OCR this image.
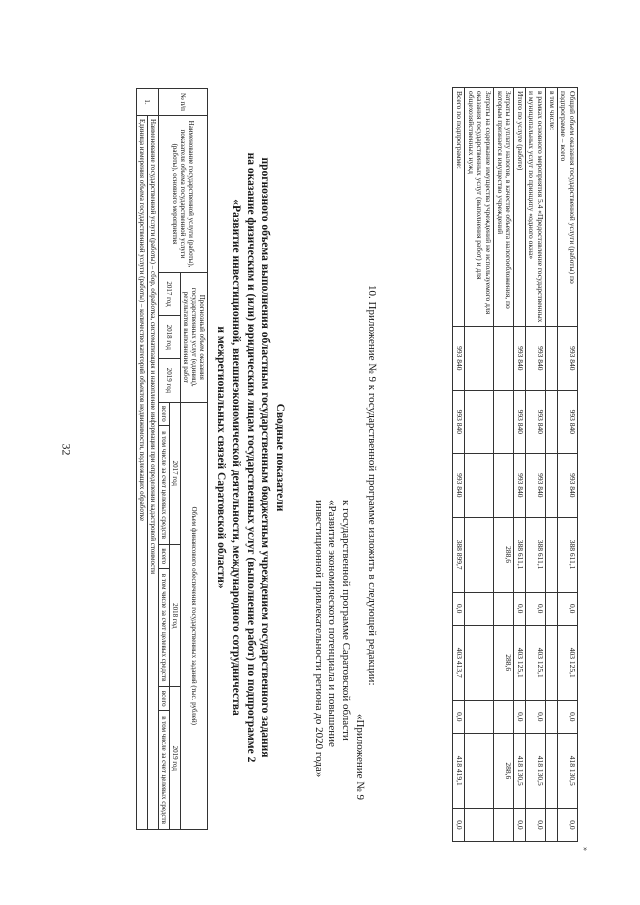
32
Общий объем оказания государственной услуги (работы) по подпрограмме – всего	993 840	993 840	993 840	388 611,1	0,0	403 125,1	0,0	418 130,5	0,0
в том числе:									
в рамках основного мероприятия 5.4 «Предоставление государственных и муниципальных услуг по принципу «одного окна»	993 840	993 840	993 840	388 611,1	0,0	403 125,1	0,0	418 130,5	0,0
Итого по услуге (работе)	993 840	993 840	993 840	388 611,1	0,0	403 125,1	0,0	418 130,5	0,0
Затраты на уплату налогов, в качестве объекта налогообложения, по которым признается имущество учреждений				288,6		288,6		288,6	
Затраты на содержание имущества учреждений не используемого для оказания государственных услуг (выполнения работ) и для общехозяйственных нужд									
Всего по подпрограмме:	993 840	993 840	993 840	388 899,7	0,0	403 413,7	0,0	418 419,1	0,0
»
10. Приложение № 9 к государственной программе изложить в следующей редакции:
«Приложение № 9
к государственной программе Саратовской области
«Развитие экономического потенциала и повышение
инвестиционной привлекательности региона до 2020 года»
Сводные показатели
прогнозного объема выполнения областным государственным бюджетным учреждением государственного задания
на оказание физическим и (или) юридическим лицам государственных услуг (выполнение работ) по подпрограмме 2
«Развитие инвестиционной, внешнеэкономической деятельности, международного сотрудничества
и межрегиональных связей Саратовской области»
№ п/п	Наименование государственной услуги (работы), показателя объема государственной услуги (работы), основного мероприятия	Прогнозный объем оказания государственных услуг (единиц), результатов выполнения работ			Объем финансового обеспечения государственных заданий (тыс. рублей)					
		2017 год	2018 год	2019 год	2017 год		2018 год		2019 год	
					всего	в том числе за счет целевых средств	всего	в том числе за счет целевых средств	всего	в том числе за счет целевых средств
1.	Наименование государственной услуги (работы) – сбор, обработка, систематизация и накопление информации при определении кадастровой стоимости									
	Единица измерения объема государственной услуги (работы) – количество категорий объектов недвижимости, подлежащих обработке									
